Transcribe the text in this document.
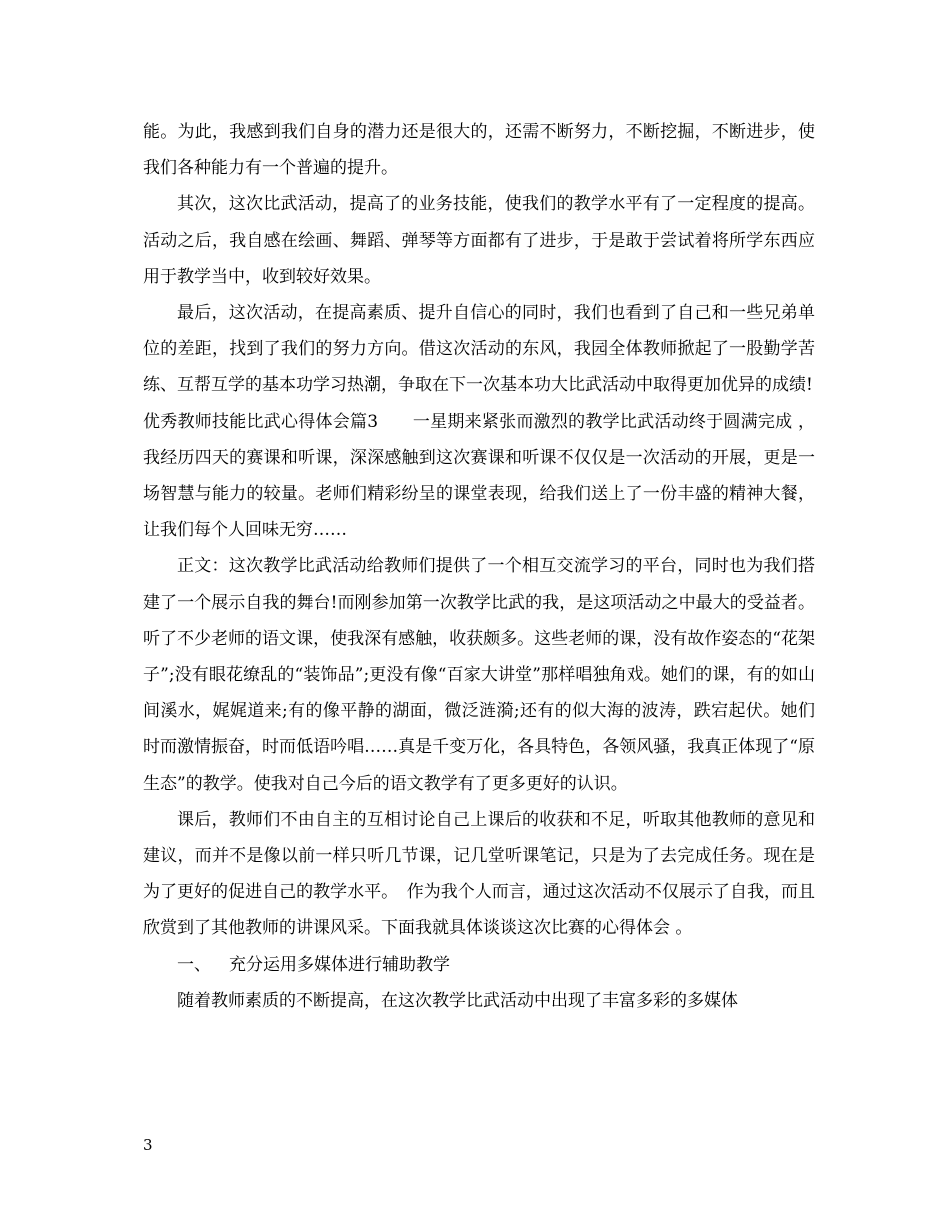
能。为此，我感到我们自身的潜力还是很大的，还需不断努力，不断挖掘，不断进步，使我们各种能力有一个普遍的提升。

其次，这次比武活动，提高了的业务技能，使我们的教学水平有了一定程度的提高。活动之后，我自感在绘画、舞蹈、弹琴等方面都有了进步，于是敢于尝试着将所学东西应用于教学当中，收到较好效果。

最后，这次活动，在提高素质、提升自信心的同时，我们也看到了自己和一些兄弟单位的差距，找到了我们的努力方向。借这次活动的东风，我园全体教师掀起了一股勤学苦练、互帮互学的基本功学习热潮，争取在下一次基本功大比武活动中取得更加优异的成绩!

优秀教师技能比武心得体会篇3　　一星期来紧张而激烈的教学比武活动终于圆满完成 ，我经历四天的赛课和听课，深深感触到这次赛课和听课不仅仅是一次活动的开展，更是一场智慧与能力的较量。老师们精彩纷呈的课堂表现，给我们送上了一份丰盛的精神大餐，让我们每个人回味无穷……

正文：这次教学比武活动给教师们提供了一个相互交流学习的平台，同时也为我们搭建了一个展示自我的舞台!而刚参加第一次教学比武的我，是这项活动之中最大的受益者。听了不少老师的语文课，使我深有感触，收获颇多。这些老师的课，没有故作姿态的“花架子”;没有眼花缭乱的“装饰品”;更没有像“百家大讲堂”那样唱独角戏。她们的课，有的如山间溪水，娓娓道来;有的像平静的湖面，微泛涟漪;还有的似大海的波涛，跌宕起伏。她们时而激情振奋，时而低语吟唱……真是千变万化，各具特色，各领风骚，我真正体现了“原生态”的教学。使我对自己今后的语文教学有了更多更好的认识。

课后，教师们不由自主的互相讨论自己上课后的收获和不足，听取其他教师的意见和建议，而并不是像以前一样只听几节课，记几堂听课笔记，只是为了去完成任务。现在是为了更好的促进自己的教学水平。　作为我个人而言，通过这次活动不仅展示了自我，而且欣赏到了其他教师的讲课风采。下面我就具体谈谈这次比赛的心得体会 。

一、 充分运用多媒体进行辅助教学

随着教师素质的不断提高，在这次教学比武活动中出现了丰富多彩的多媒体

3
